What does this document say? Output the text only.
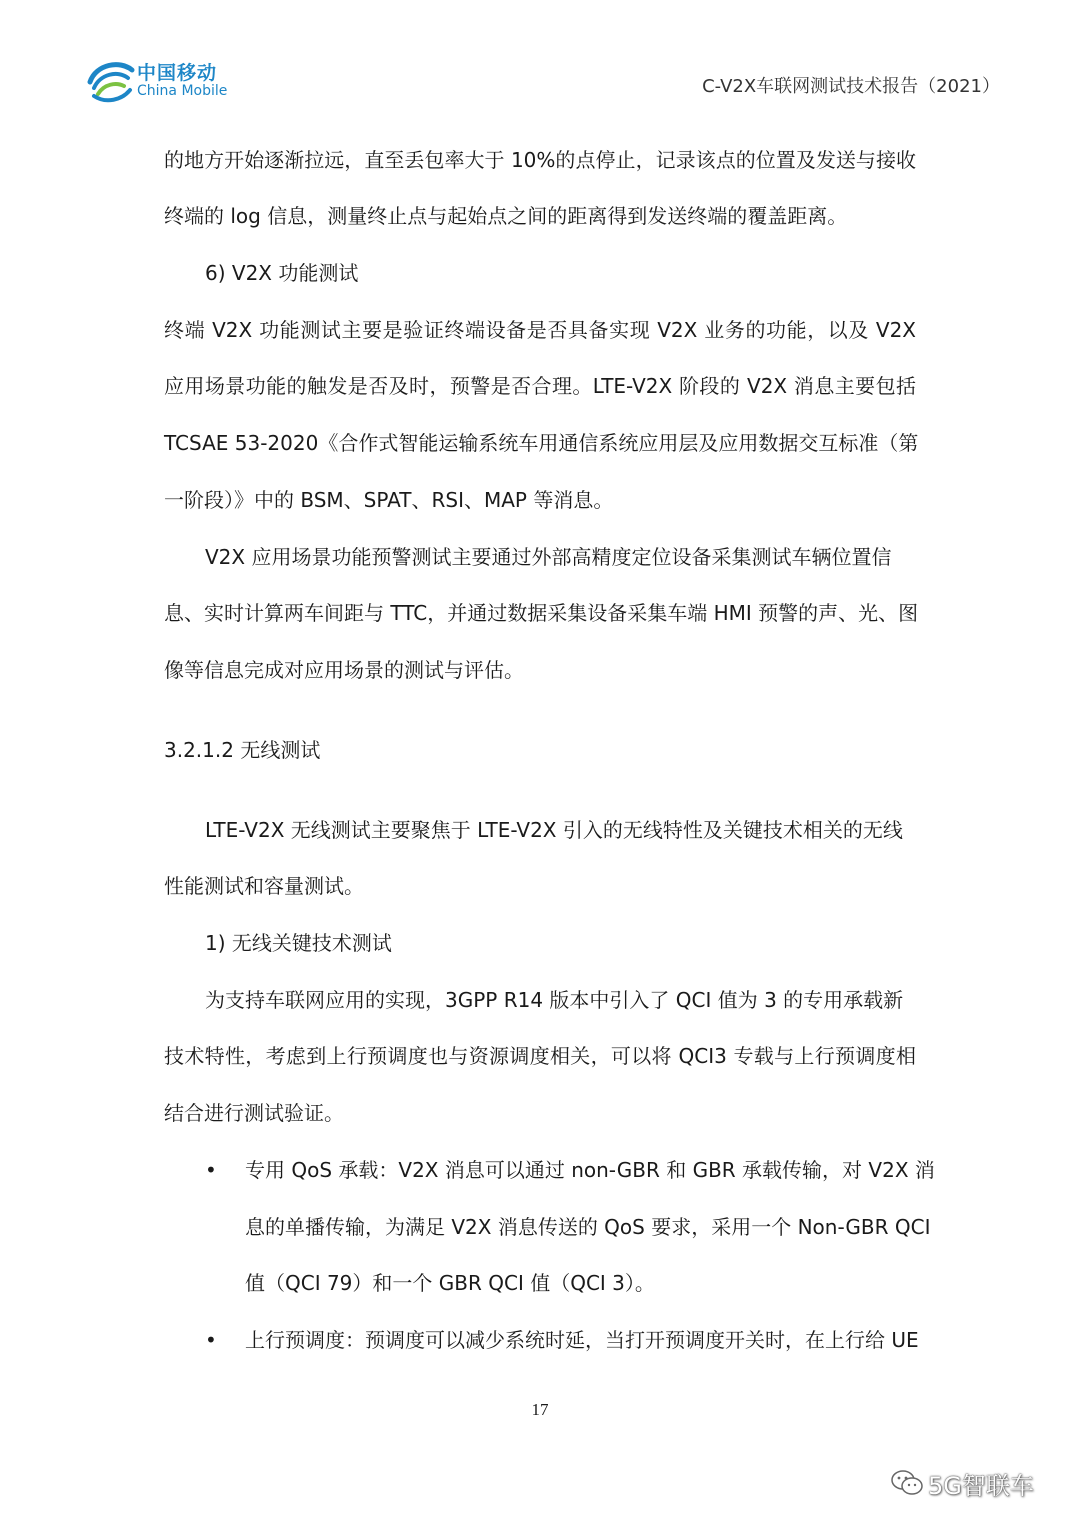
中国移动
China Mobile	C-V2X车联网测试技术报告（2021）
的地方开始逐渐拉远，直至丢包率大于 10%的点停止，记录该点的位置及发送与接收
终端的 log 信息，测量终止点与起始点之间的距离得到发送终端的覆盖距离。
6) V2X 功能测试
终端 V2X 功能测试主要是验证终端设备是否具备实现 V2X 业务的功能，以及 V2X
应用场景功能的触发是否及时，预警是否合理。LTE-V2X 阶段的 V2X 消息主要包括
TCSAE 53-2020《合作式智能运输系统车用通信系统应用层及应用数据交互标准（第
一阶段）》中的 BSM、SPAT、RSI、MAP 等消息。
V2X 应用场景功能预警测试主要通过外部高精度定位设备采集测试车辆位置信
息、实时计算两车间距与 TTC，并通过数据采集设备采集车端 HMI 预警的声、光、图
像等信息完成对应用场景的测试与评估。
3.2.1.2 无线测试
LTE-V2X 无线测试主要聚焦于 LTE-V2X 引入的无线特性及关键技术相关的无线
性能测试和容量测试。
1) 无线关键技术测试
为支持车联网应用的实现，3GPP R14 版本中引入了 QCI 值为 3 的专用承载新
技术特性，考虑到上行预调度也与资源调度相关，可以将 QCI3 专载与上行预调度相
结合进行测试验证。
• 专用 QoS 承载：V2X 消息可以通过 non-GBR 和 GBR 承载传输，对 V2X 消
息的单播传输，为满足 V2X 消息传送的 QoS 要求，采用一个 Non-GBR QCI
值（QCI 79）和一个 GBR QCI 值（QCI 3）。
• 上行预调度：预调度可以减少系统时延，当打开预调度开关时，在上行给 UE
17
5G智联车
